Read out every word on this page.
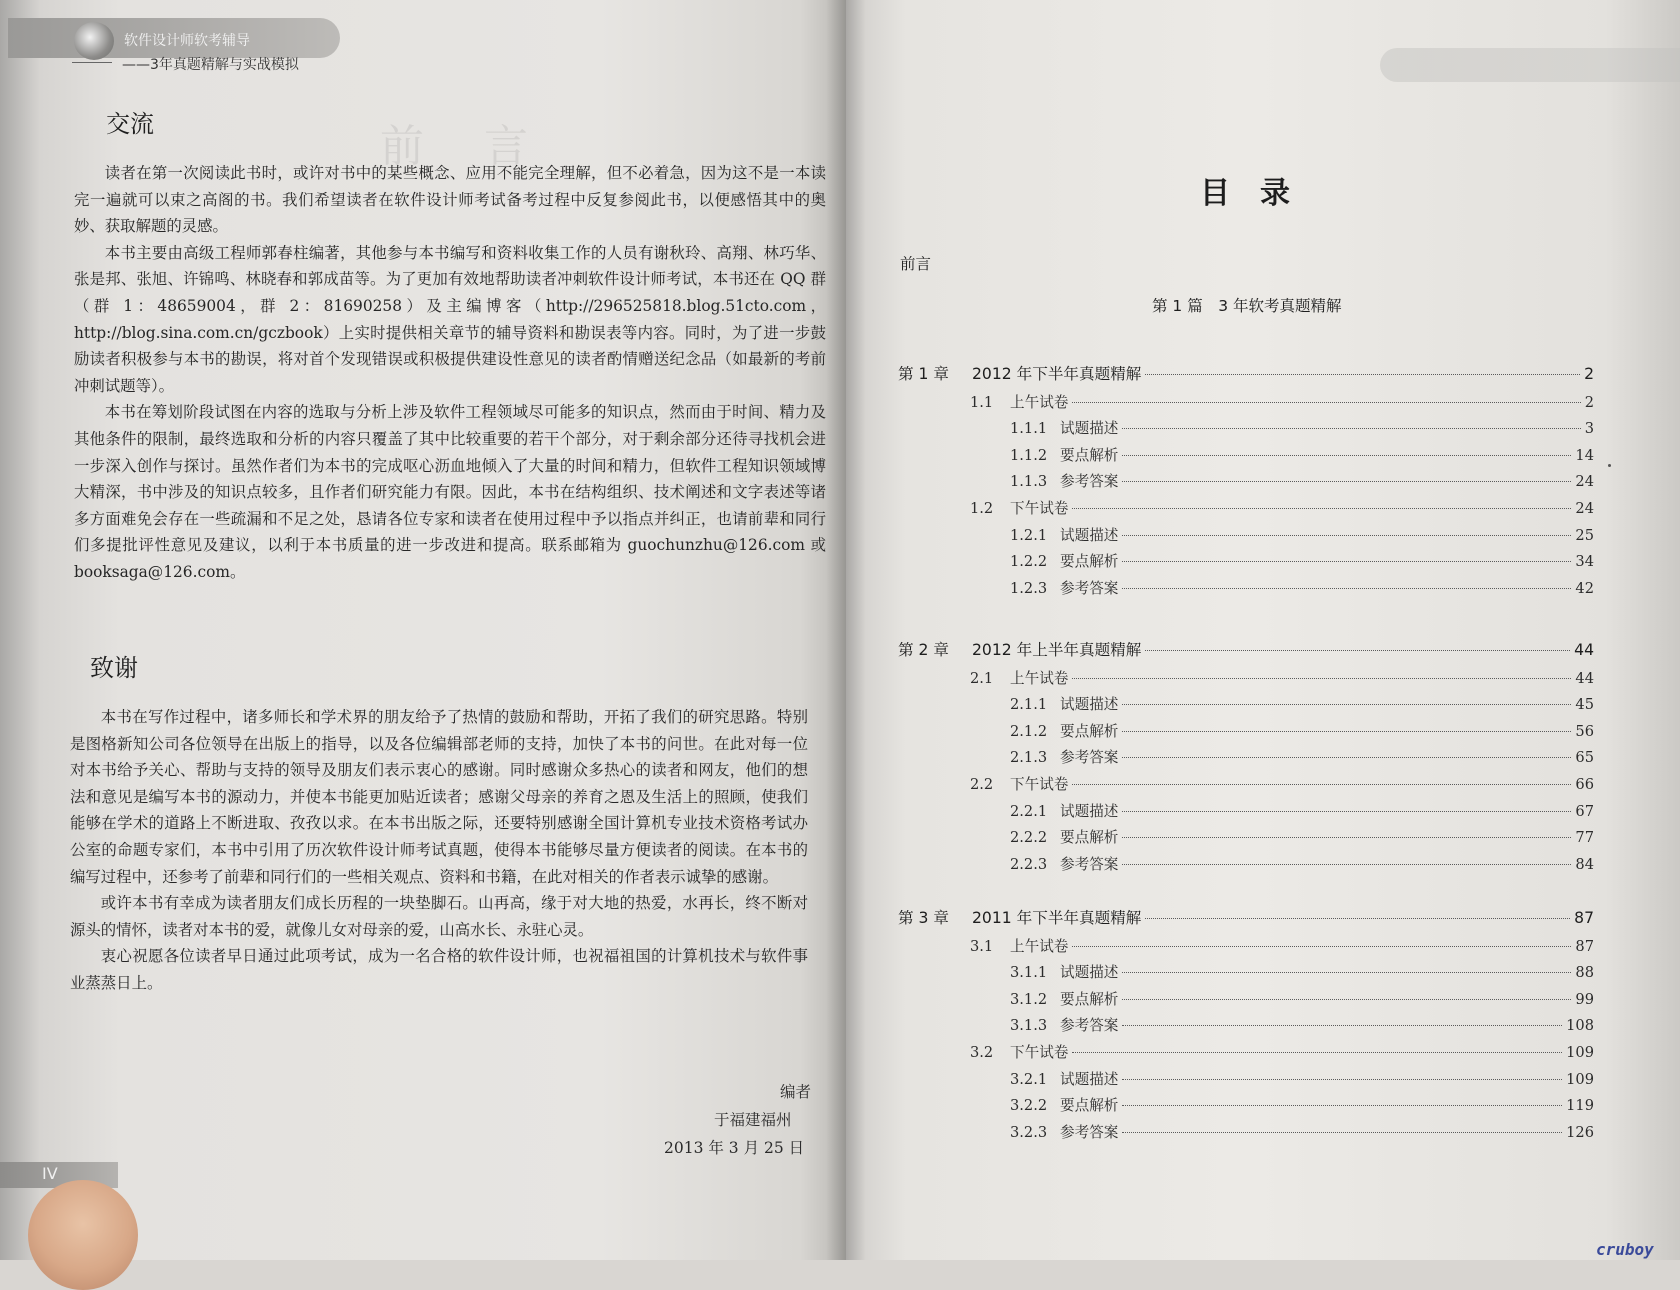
前言
软件设计师软考辅导
——3年真题精解与实战模拟
交流

读者在第一次阅读此书时，或许对书中的某些概念、应用不能完全理解，但不必着急，因为这不是一本读完一遍就可以束之高阁的书。我们希望读者在软件设计师考试备考过程中反复参阅此书，以便感悟其中的奥妙、获取解题的灵感。

本书主要由高级工程师郭春柱编著，其他参与本书编写和资料收集工作的人员有谢秋玲、高翔、林巧华、张是邦、张旭、许锦鸣、林晓春和郭成苗等。为了更加有效地帮助读者冲刺软件设计师考试，本书还在 QQ 群（群 1：48659004，群 2：81690258）及主编博客（http://296525818.blog.51cto.com，http://blog.sina.com.cn/gczbook）上实时提供相关章节的辅导资料和勘误表等内容。同时，为了进一步鼓励读者积极参与本书的勘误，将对首个发现错误或积极提供建设性意见的读者酌情赠送纪念品（如最新的考前冲刺试题等）。

本书在筹划阶段试图在内容的选取与分析上涉及软件工程领域尽可能多的知识点，然而由于时间、精力及其他条件的限制，最终选取和分析的内容只覆盖了其中比较重要的若干个部分，对于剩余部分还待寻找机会进一步深入创作与探讨。虽然作者们为本书的完成呕心沥血地倾入了大量的时间和精力，但软件工程知识领域博大精深，书中涉及的知识点较多，且作者们研究能力有限。因此，本书在结构组织、技术阐述和文字表述等诸多方面难免会存在一些疏漏和不足之处，恳请各位专家和读者在使用过程中予以指点并纠正，也请前辈和同行们多提批评性意见及建议，以利于本书质量的进一步改进和提高。联系邮箱为 guochunzhu@126.com 或 booksaga@126.com。

致谢

本书在写作过程中，诸多师长和学术界的朋友给予了热情的鼓励和帮助，开拓了我们的研究思路。特别是图格新知公司各位领导在出版上的指导，以及各位编辑部老师的支持，加快了本书的问世。在此对每一位对本书给予关心、帮助与支持的领导及朋友们表示衷心的感谢。同时感谢众多热心的读者和网友，他们的想法和意见是编写本书的源动力，并使本书能更加贴近读者；感谢父母亲的养育之恩及生活上的照顾，使我们能够在学术的道路上不断进取、孜孜以求。在本书出版之际，还要特别感谢全国计算机专业技术资格考试办公室的命题专家们，本书中引用了历次软件设计师考试真题，使得本书能够尽量方便读者的阅读。在本书的编写过程中，还参考了前辈和同行们的一些相关观点、资料和书籍，在此对相关的作者表示诚挚的感谢。

或许本书有幸成为读者朋友们成长历程的一块垫脚石。山再高，缘于对大地的热爱，水再长，终不断对源头的情怀，读者对本书的爱，就像儿女对母亲的爱，山高水长、永驻心灵。

衷心祝愿各位读者早日通过此项考试，成为一名合格的软件设计师，也祝福祖国的计算机技术与软件事业蒸蒸日上。

编者
于福建福州
2013 年 3 月 25 日
IV
目录
前言
第 1 篇　3 年软考真题精解
第 1 章	2012 年下半年真题精解	2
1.1	上午试卷	2
1.1.1 试题描述	3
1.1.2 要点解析	14
1.1.3 参考答案	24
1.2	下午试卷	24
1.2.1 试题描述	25
1.2.2 要点解析	34
1.2.3 参考答案	42
第 2 章	2012 年上半年真题精解	44
2.1	上午试卷	44
2.1.1 试题描述	45
2.1.2 要点解析	56
2.1.3 参考答案	65
2.2	下午试卷	66
2.2.1 试题描述	67
2.2.2 要点解析	77
2.2.3 参考答案	84
第 3 章	2011 年下半年真题精解	87
3.1	上午试卷	87
3.1.1 试题描述	88
3.1.2 要点解析	99
3.1.3 参考答案	108
3.2	下午试卷	109
3.2.1 试题描述	109
3.2.2 要点解析	119
3.2.3 参考答案	126
cruboy
